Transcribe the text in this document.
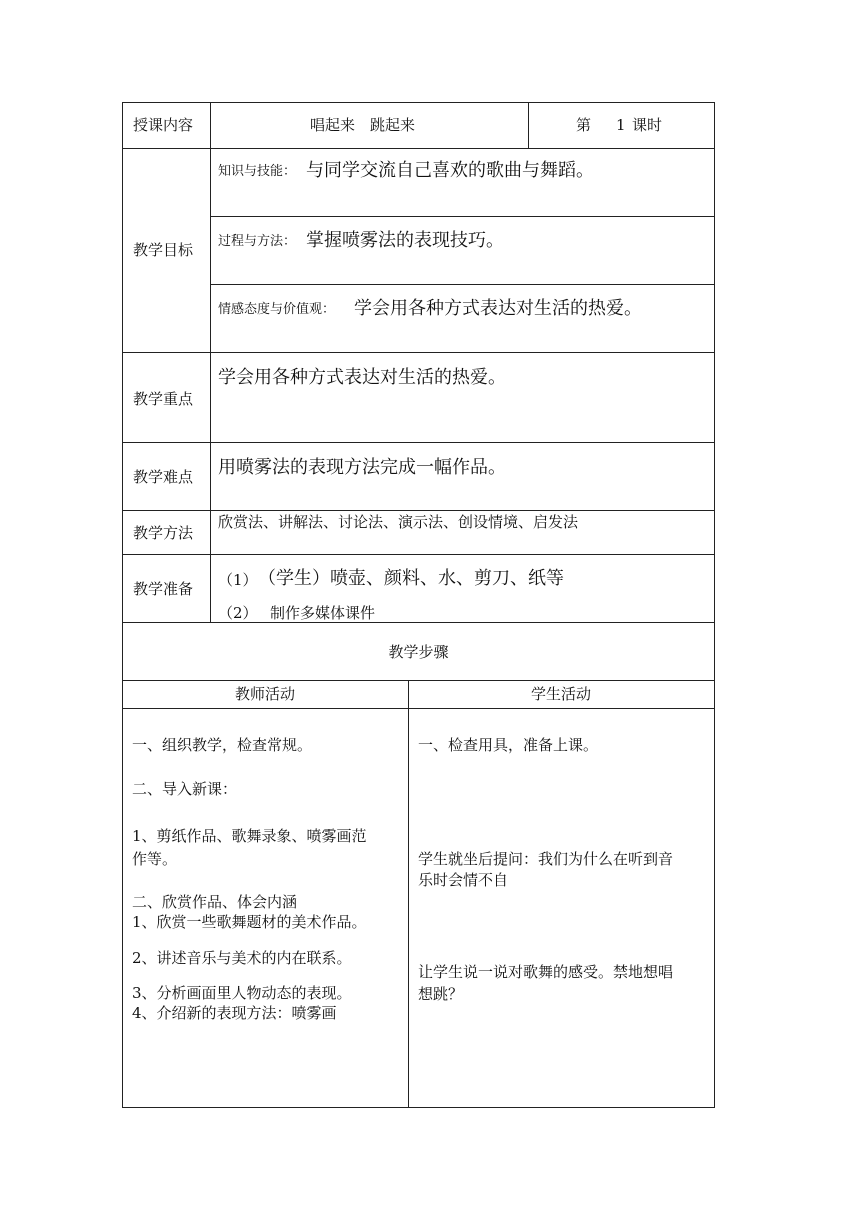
授课内容	唱起来　跳起来	第 1 课时
教学目标
知识与技能： 与同学交流自己喜欢的歌曲与舞蹈。
过程与方法： 掌握喷雾法的表现技巧。
情感态度与价值观： 学会用各种方式表达对生活的热爱。
教学重点
学会用各种方式表达对生活的热爱。
教学难点 用喷雾法的表现方法完成一幅作品。
教学方法
欣赏法、讲解法、讨论法、演示法、创设情境、启发法
教学准备 （1） （学生）喷壶、颜料、水、剪刀、纸等
（2） 制作多媒体课件
教学步骤
教师活动	学生活动
一、组织教学，检查常规。
二、导入新课：
1、剪纸作品、歌舞录象、喷雾画范
作等。
二、欣赏作品、体会内涵
1、欣赏一些歌舞题材的美术作品。
2、讲述音乐与美术的内在联系。
3、分析画面里人物动态的表现。
4、介绍新的表现方法：喷雾画
一、检查用具，准备上课。
学生就坐后提问：我们为什么在听到音
乐时会情不自
让学生说一说对歌舞的感受。禁地想唱
想跳？
